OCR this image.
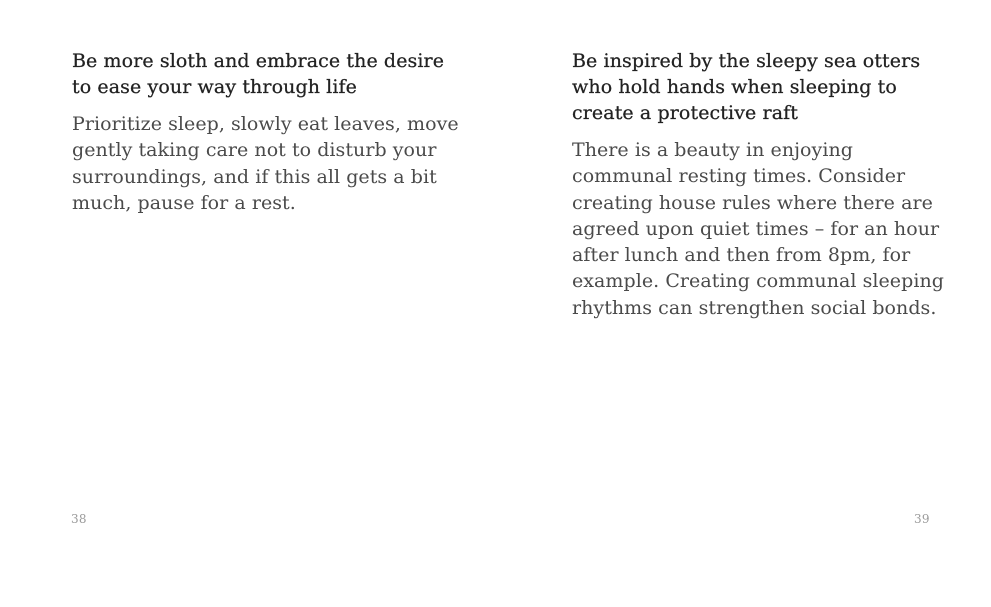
Be more sloth and embrace the desire
to ease your way through life

Prioritize sleep, slowly eat leaves, move
gently taking care not to disturb your
surroundings, and if this all gets a bit
much, pause for a rest.

38
Be inspired by the sleepy sea otters
who hold hands when sleeping to
create a protective raft

There is a beauty in enjoying
communal resting times. Consider
creating house rules where there are
agreed upon quiet times – for an hour
after lunch and then from 8pm, for
example. Creating communal sleeping
rhythms can strengthen social bonds.

39
